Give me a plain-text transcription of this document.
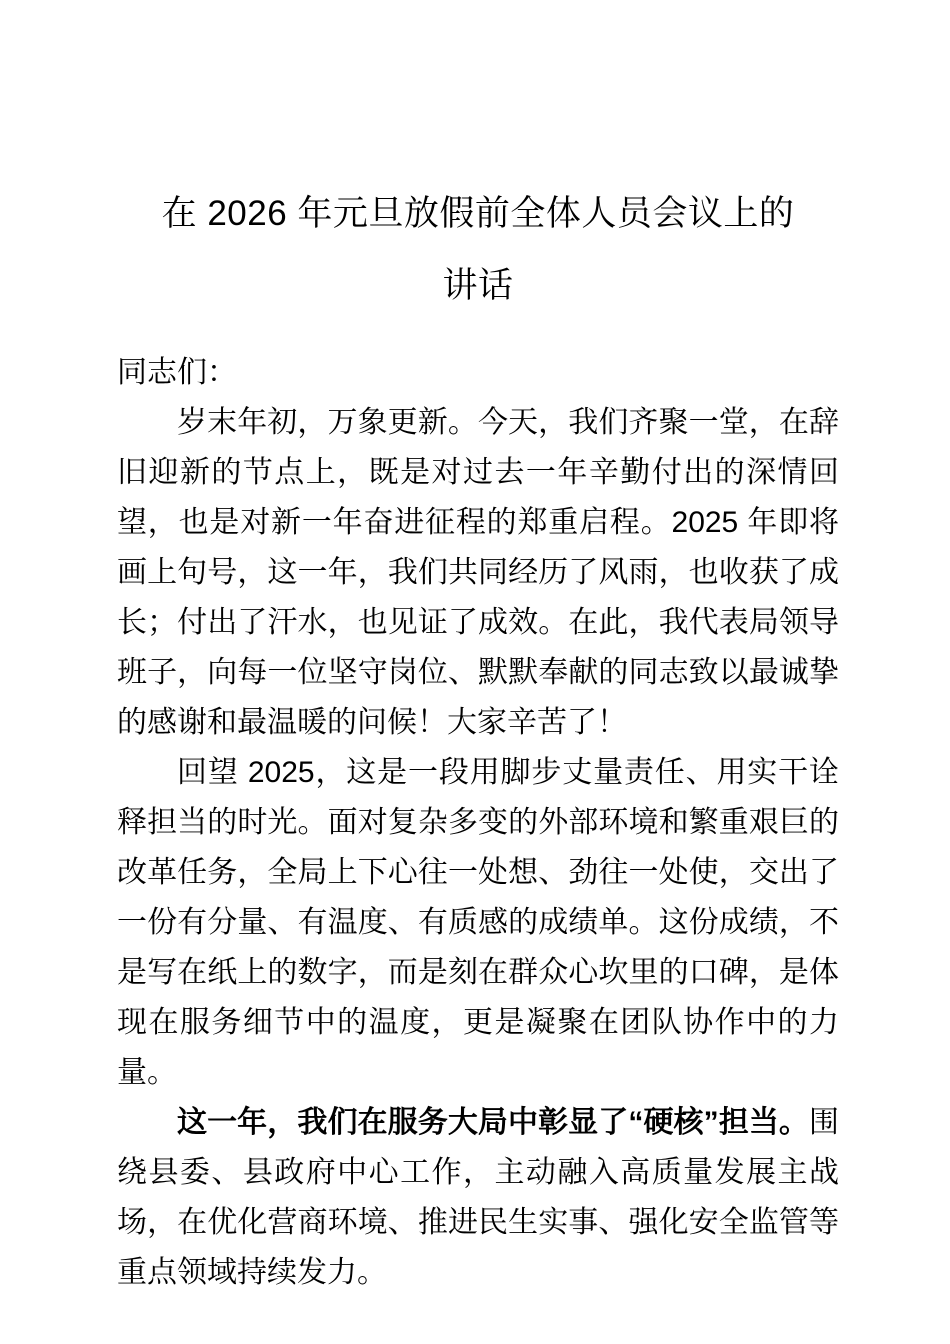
在 2026 年元旦放假前全体人员会议上的
讲话

同志们：

岁末年初，万象更新。今天，我们齐聚一堂，在辞旧迎新的节点上，既是对过去一年辛勤付出的深情回望，也是对新一年奋进征程的郑重启程。2025 年即将画上句号，这一年，我们共同经历了风雨，也收获了成长；付出了汗水，也见证了成效。在此，我代表局领导班子，向每一位坚守岗位、默默奉献的同志致以最诚挚的感谢和最温暖的问候！大家辛苦了！

回望 2025，这是一段用脚步丈量责任、用实干诠释担当的时光。面对复杂多变的外部环境和繁重艰巨的改革任务，全局上下心往一处想、劲往一处使，交出了一份有分量、有温度、有质感的成绩单。这份成绩，不是写在纸上的数字，而是刻在群众心坎里的口碑，是体现在服务细节中的温度，更是凝聚在团队协作中的力量。

这一年，我们在服务大局中彰显了“硬核”担当。围绕县委、县政府中心工作，主动融入高质量发展主战场，在优化营商环境、推进民生实事、强化安全监管等重点领域持续发力。
